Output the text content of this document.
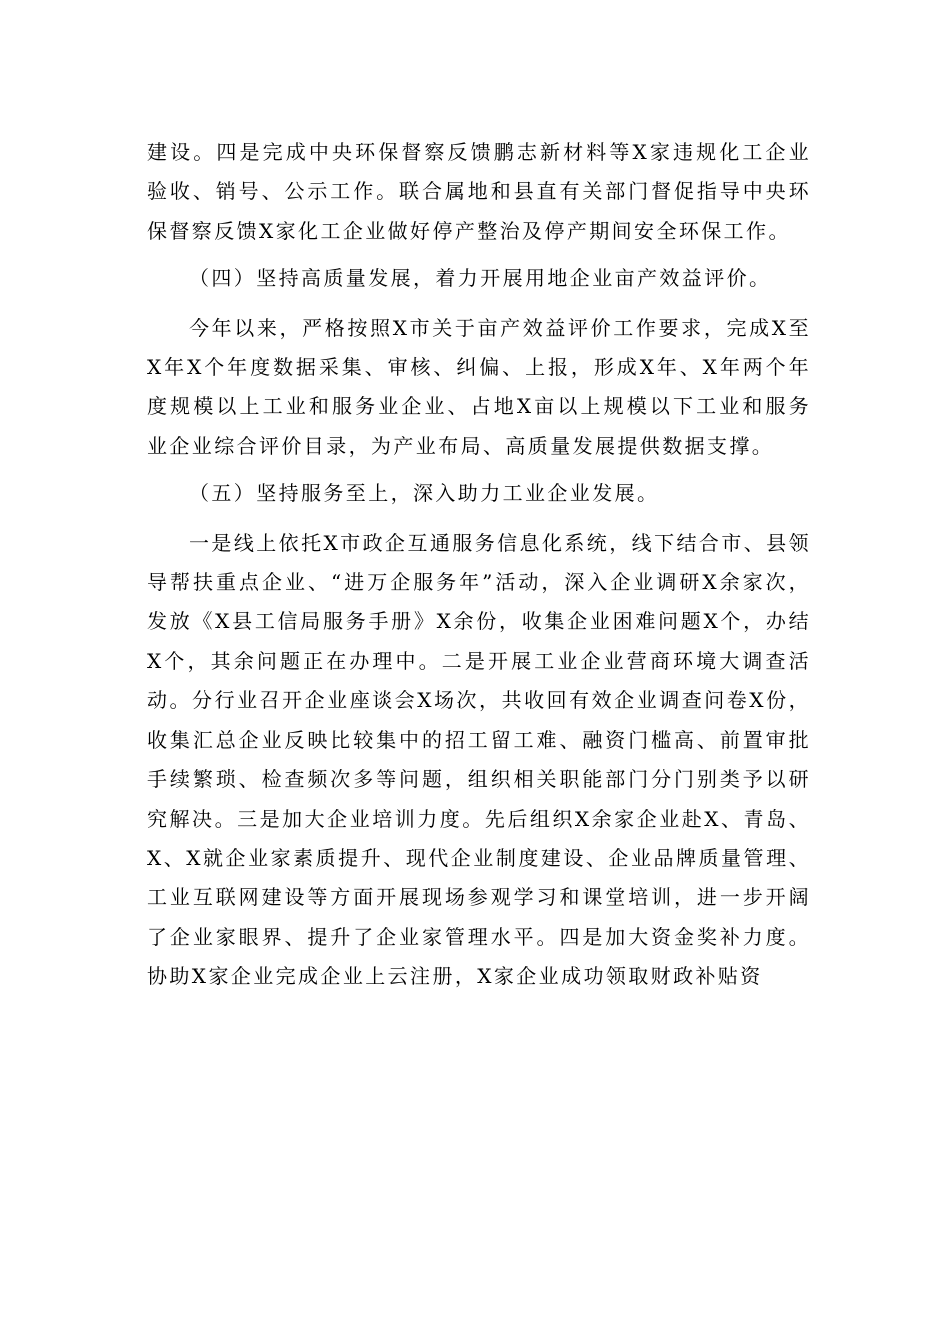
建设。四是完成中央环保督察反馈鹏志新材料等X家违规化工企业验收、销号、公示工作。联合属地和县直有关部门督促指导中央环保督察反馈X家化工企业做好停产整治及停产期间安全环保工作。

（四）坚持高质量发展，着力开展用地企业亩产效益评价。

今年以来，严格按照X市关于亩产效益评价工作要求，完成X至X年X个年度数据采集、审核、纠偏、上报，形成X年、X年两个年度规模以上工业和服务业企业、占地X亩以上规模以下工业和服务业企业综合评价目录，为产业布局、高质量发展提供数据支撑。

（五）坚持服务至上，深入助力工业企业发展。

一是线上依托X市政企互通服务信息化系统，线下结合市、县领导帮扶重点企业、“进万企服务年”活动，深入企业调研X余家次，发放《X县工信局服务手册》X余份，收集企业困难问题X个，办结X个，其余问题正在办理中。二是开展工业企业营商环境大调查活动。分行业召开企业座谈会X场次，共收回有效企业调查问卷X份，收集汇总企业反映比较集中的招工留工难、融资门槛高、前置审批手续繁琐、检查频次多等问题，组织相关职能部门分门别类予以研究解决。三是加大企业培训力度。先后组织X余家企业赴X、青岛、X、X就企业家素质提升、现代企业制度建设、企业品牌质量管理、工业互联网建设等方面开展现场参观学习和课堂培训，进一步开阔了企业家眼界、提升了企业家管理水平。四是加大资金奖补力度。协助X家企业完成企业上云注册，X家企业成功领取财政补贴资
